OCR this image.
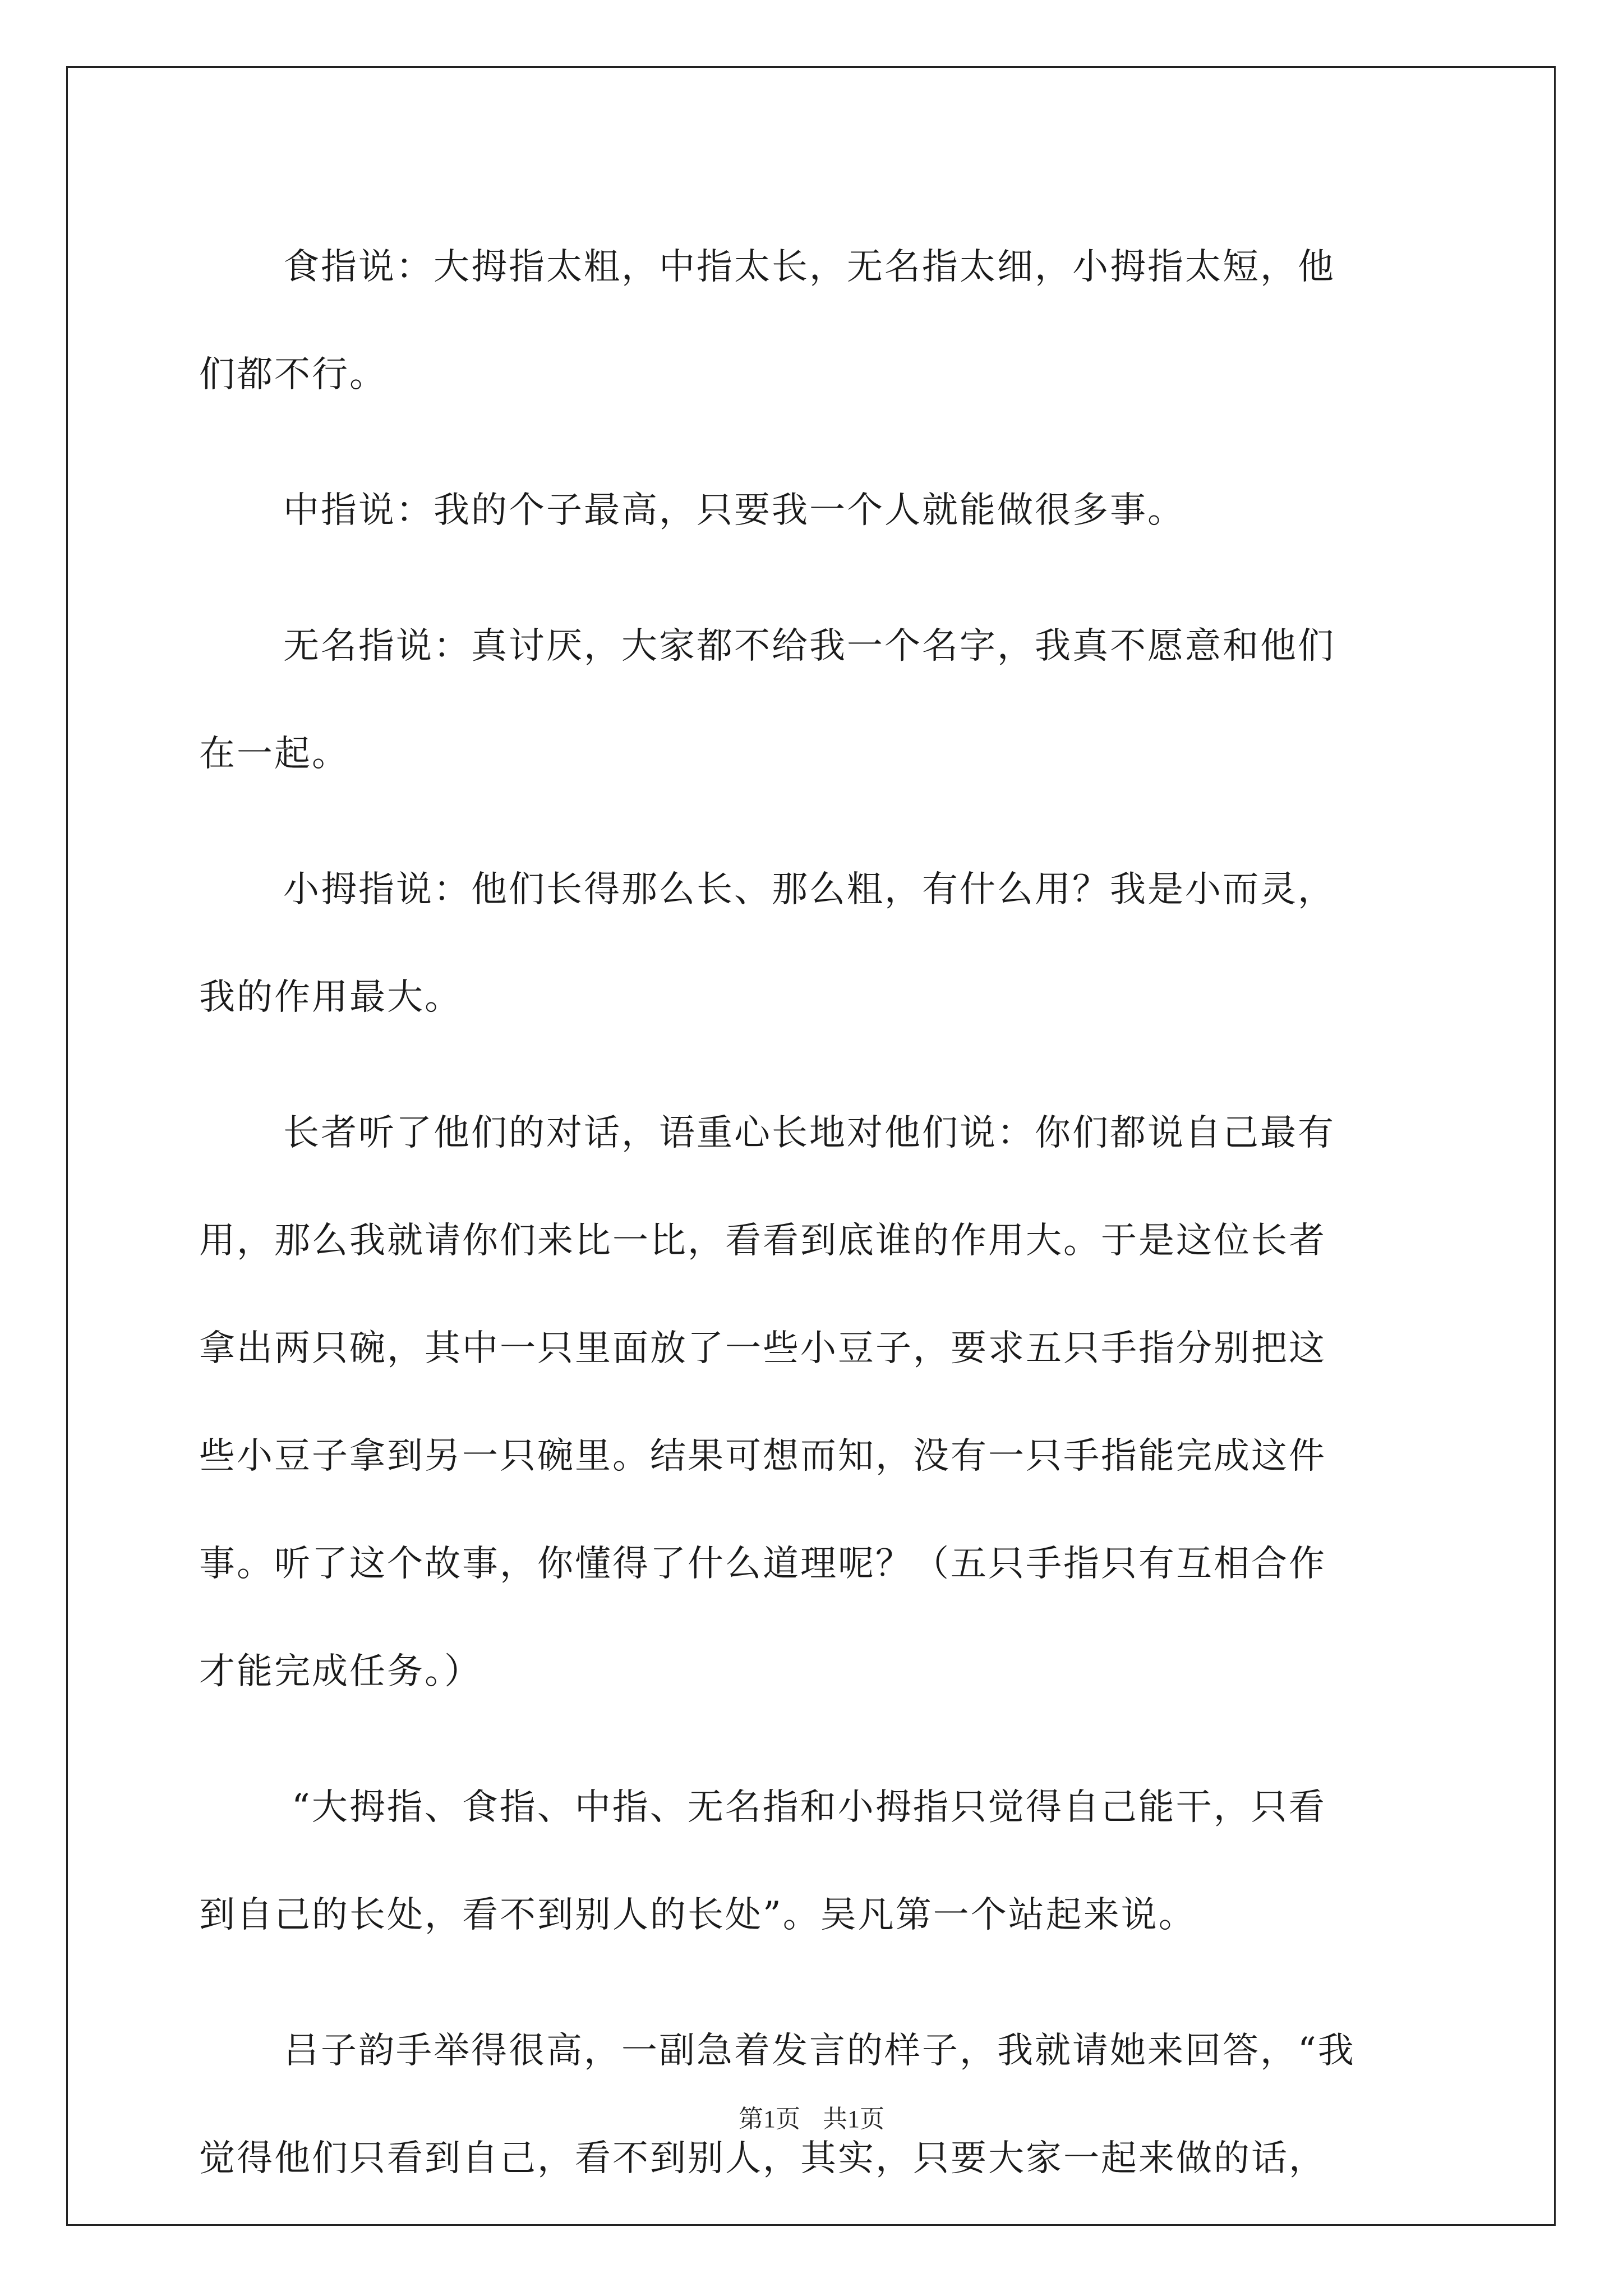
食指说：大拇指太粗，中指太长，无名指太细，小拇指太短，他
们都不行。

中指说：我的个子最高，只要我一个人就能做很多事。

无名指说：真讨厌，大家都不给我一个名字，我真不愿意和他们
在一起。

小拇指说：他们长得那么长、那么粗，有什么用？我是小而灵，
我的作用最大。

长者听了他们的对话，语重心长地对他们说：你们都说自己最有
用，那么我就请你们来比一比，看看到底谁的作用大。于是这位长者
拿出两只碗，其中一只里面放了一些小豆子，要求五只手指分别把这
些小豆子拿到另一只碗里。结果可想而知，没有一只手指能完成这件
事。听了这个故事，你懂得了什么道理呢？（五只手指只有互相合作
才能完成任务。）

“大拇指、食指、中指、无名指和小拇指只觉得自己能干，只看
到自己的长处，看不到别人的长处”。吴凡第一个站起来说。

吕子韵手举得很高，一副急着发言的样子，我就请她来回答，“我
觉得他们只看到自己，看不到别人，其实，只要大家一起来做的话，

第1页 共1页
